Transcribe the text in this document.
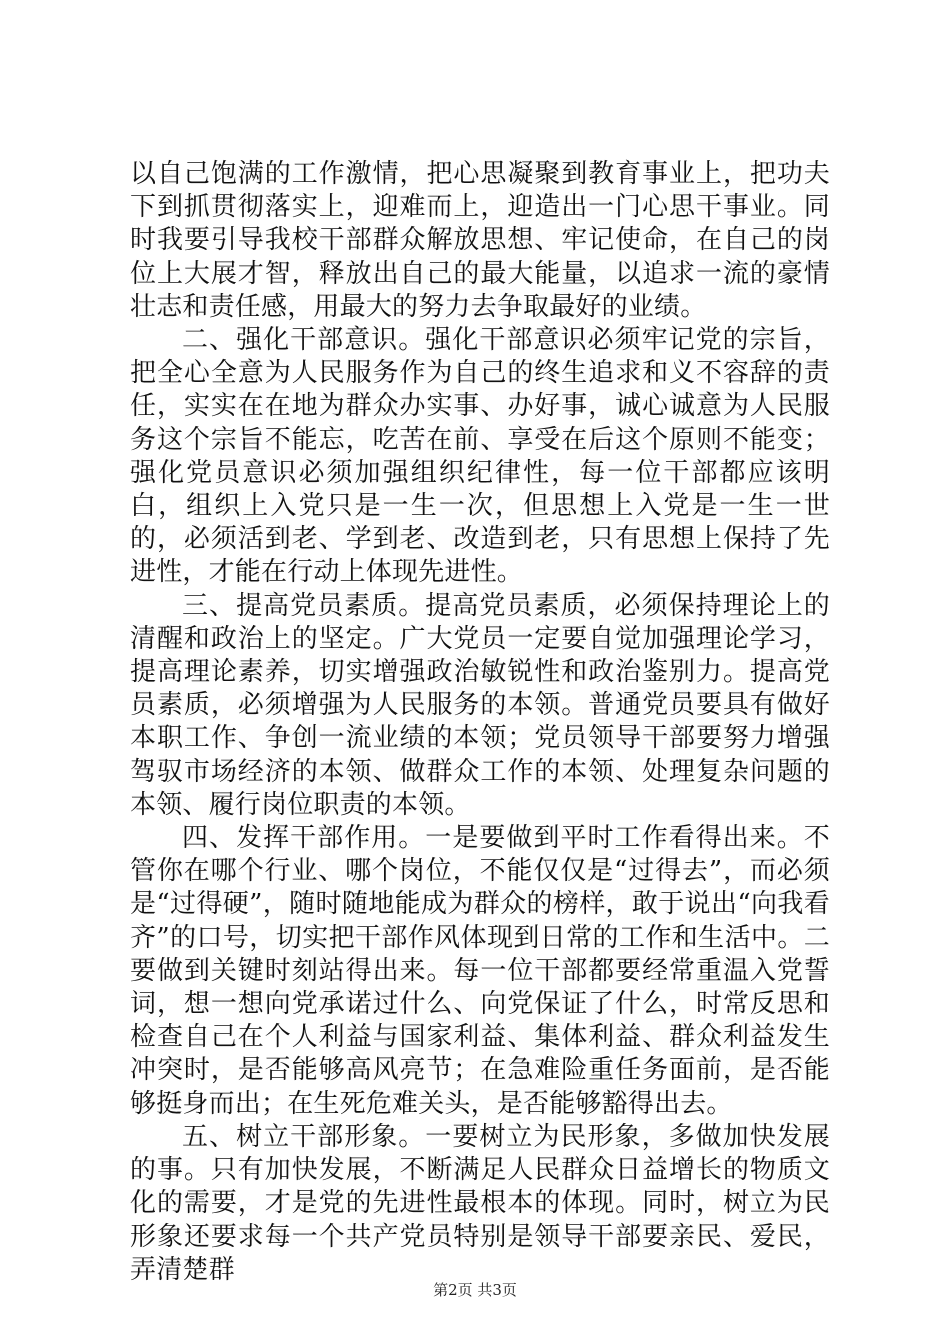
以自己饱满的工作激情，把心思凝聚到教育事业上，把功夫下到抓贯彻落实上，迎难而上，迎造出一门心思干事业。同时我要引导我校干部群众解放思想、牢记使命，在自己的岗位上大展才智，释放出自己的最大能量，以追求一流的豪情壮志和责任感，用最大的努力去争取最好的业绩。

二、强化干部意识。强化干部意识必须牢记党的宗旨，把全心全意为人民服务作为自己的终生追求和义不容辞的责任，实实在在地为群众办实事、办好事，诚心诚意为人民服务这个宗旨不能忘，吃苦在前、享受在后这个原则不能变；强化党员意识必须加强组织纪律性，每一位干部都应该明白，组织上入党只是一生一次，但思想上入党是一生一世的，必须活到老、学到老、改造到老，只有思想上保持了先进性，才能在行动上体现先进性。

三、提高党员素质。提高党员素质，必须保持理论上的清醒和政治上的坚定。广大党员一定要自觉加强理论学习，提高理论素养，切实增强政治敏锐性和政治鉴别力。提高党员素质，必须增强为人民服务的本领。普通党员要具有做好本职工作、争创一流业绩的本领；党员领导干部要努力增强驾驭市场经济的本领、做群众工作的本领、处理复杂问题的本领、履行岗位职责的本领。

四、发挥干部作用。一是要做到平时工作看得出来。不管你在哪个行业、哪个岗位，不能仅仅是“过得去”，而必须是“过得硬”，随时随地能成为群众的榜样，敢于说出“向我看齐”的口号，切实把干部作风体现到日常的工作和生活中。二要做到关键时刻站得出来。每一位干部都要经常重温入党誓词，想一想向党承诺过什么、向党保证了什么，时常反思和检查自己在个人利益与国家利益、集体利益、群众利益发生冲突时，是否能够高风亮节；在急难险重任务面前，是否能够挺身而出；在生死危难关头，是否能够豁得出去。

五、树立干部形象。一要树立为民形象，多做加快发展的事。只有加快发展，不断满足人民群众日益增长的物质文化的需要，才是党的先进性最根本的体现。同时，树立为民形象还要求每一个共产党员特别是领导干部要亲民、爱民，弄清楚群

第2页 共3页
